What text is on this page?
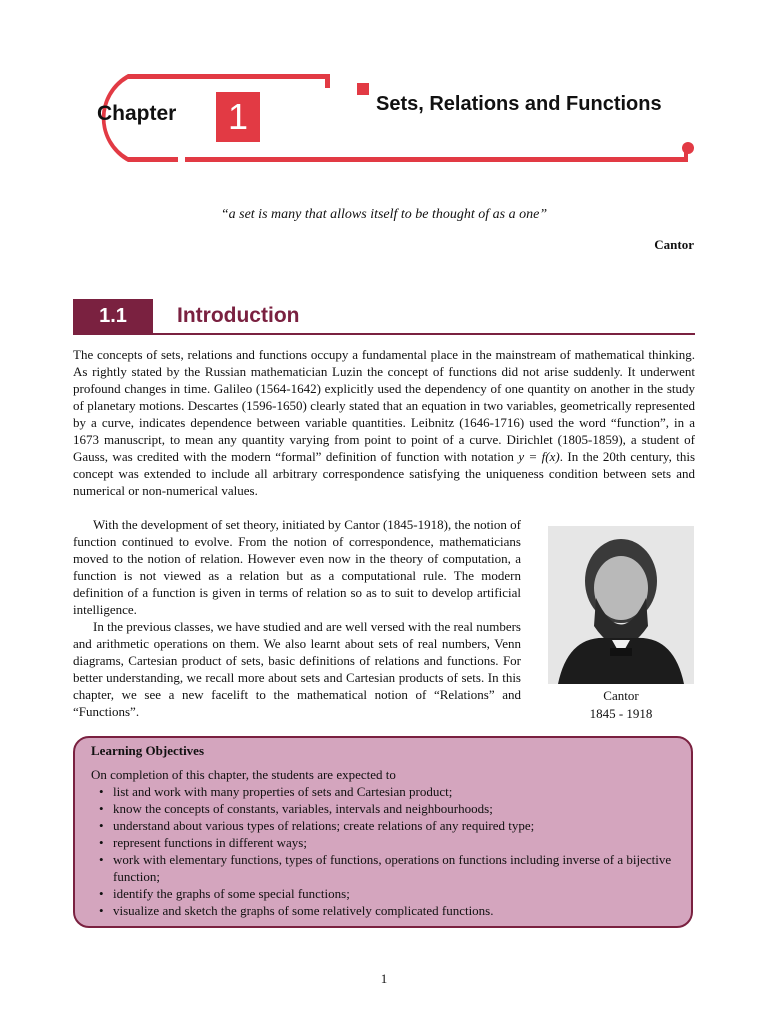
Chapter	1	Sets, Relations and Functions
“a set is many that allows itself to be thought of as a one”
Cantor
1.1	Introduction

The concepts of sets, relations and functions occupy a fundamental place in the mainstream of mathematical thinking. As rightly stated by the Russian mathematician Luzin the concept of functions did not arise suddenly. It underwent profound changes in time. Galileo (1564-1642) explicitly used the dependency of one quantity on another in the study of planetary motions. Descartes (1596-1650) clearly stated that an equation in two variables, geometrically represented by a curve, indicates dependence between variable quantities. Leibnitz (1646-1716) used the word “function”, in a 1673 manuscript, to mean any quantity varying from point to point of a curve. Dirichlet (1805-1859), a student of Gauss, was credited with the modern “formal” definition of function with notation y = f(x). In the 20th century, this concept was extended to include all arbitrary correspondence satisfying the uniqueness condition between sets and numerical or non-numerical values.

With the development of set theory, initiated by Cantor (1845-1918), the notion of function continued to evolve. From the notion of correspondence, mathematicians moved to the notion of relation. However even now in the theory of computation, a function is not viewed as a relation but as a computational rule. The modern definition of a function is given in terms of relation so as to suit to develop artificial intelligence.

In the previous classes, we have studied and are well versed with the real numbers and arithmetic operations on them. We also learnt about sets of real numbers, Venn diagrams, Cartesian product of sets, basic definitions of relations and functions. For better understanding, we recall more about sets and Cartesian products of sets. In this chapter, we see a new facelift to the mathematical notion of “Relations” and “Functions”.

Cantor
1845 - 1918
Learning Objectives
On completion of this chapter, the students are expected to
• list and work with many properties of sets and Cartesian product;
• know the concepts of constants, variables, intervals and neighbourhoods;
• understand about various types of relations; create relations of any required type;
• represent functions in different ways;
• work with elementary functions, types of functions, operations on functions including inverse of a bijective function;
• identify the graphs of some special functions;
• visualize and sketch the graphs of some relatively complicated functions.
1
